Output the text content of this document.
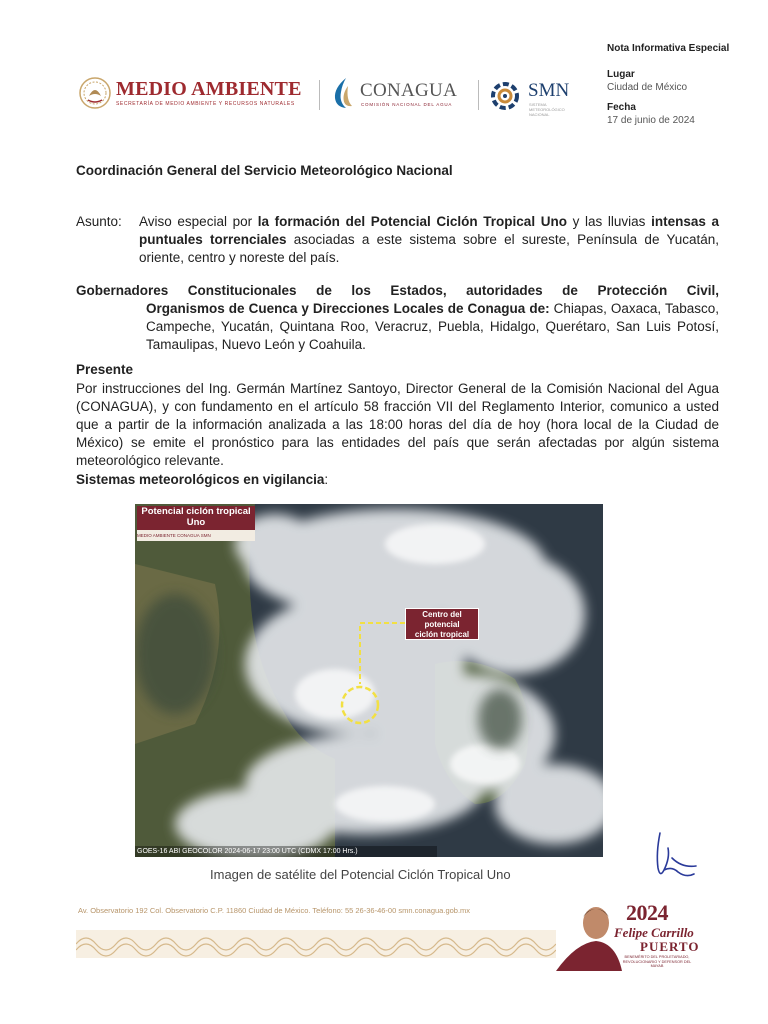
MEDIO AMBIENTE
SECRETARÍA DE MEDIO AMBIENTE Y RECURSOS NATURALES
CONAGUA
COMISIÓN NACIONAL DEL AGUA
SMN
SISTEMA METEOROLÓGICO NACIONAL
Nota Informativa Especial
Lugar
Ciudad de México
Fecha
17 de junio de 2024
Coordinación General del Servicio Meteorológico Nacional
Asunto: Aviso especial por la formación del Potencial Ciclón Tropical Uno y las lluvias intensas a puntuales torrenciales asociadas a este sistema sobre el sureste, Península de Yucatán, oriente, centro y noreste del país.
Gobernadores Constitucionales de los Estados, autoridades de Protección Civil,
Organismos de Cuenca y Direcciones Locales de Conagua de: Chiapas, Oaxaca, Tabasco, Campeche, Yucatán, Quintana Roo, Veracruz, Puebla, Hidalgo, Querétaro, San Luis Potosí, Tamaulipas, Nuevo León y Coahuila.
Presente
Por instrucciones del Ing. Germán Martínez Santoyo, Director General de la Comisión Nacional del Agua (CONAGUA), y con fundamento en el artículo 58 fracción VII del Reglamento Interior, comunico a usted que a partir de la información analizada a las 18:00 horas del día de hoy (hora local de la Ciudad de México) se emite el pronóstico para las entidades del país que serán afectadas por algún sistema meteorológico relevante.
Sistemas meteorológicos en vigilancia:
Potencial ciclón tropical
Uno
MEDIO AMBIENTE CONAGUA SMN
Centro del
potencial
ciclón tropical
GOES-16 ABI GEOCOLOR 2024-06-17 23:00 UTC (CDMX 17:00 Hrs.)
Imagen de satélite del Potencial Ciclón Tropical Uno
Av. Observatorio 192 Col. Observatorio C.P. 11860 Ciudad de México. Teléfono: 55 26-36-46-00 smn.conagua.gob.mx	2024
Felipe Carrillo
PUERTO
BENEMÉRITO DEL PROLETARIADO, REVOLUCIONARIO Y DEFENSOR DEL MAYAB
